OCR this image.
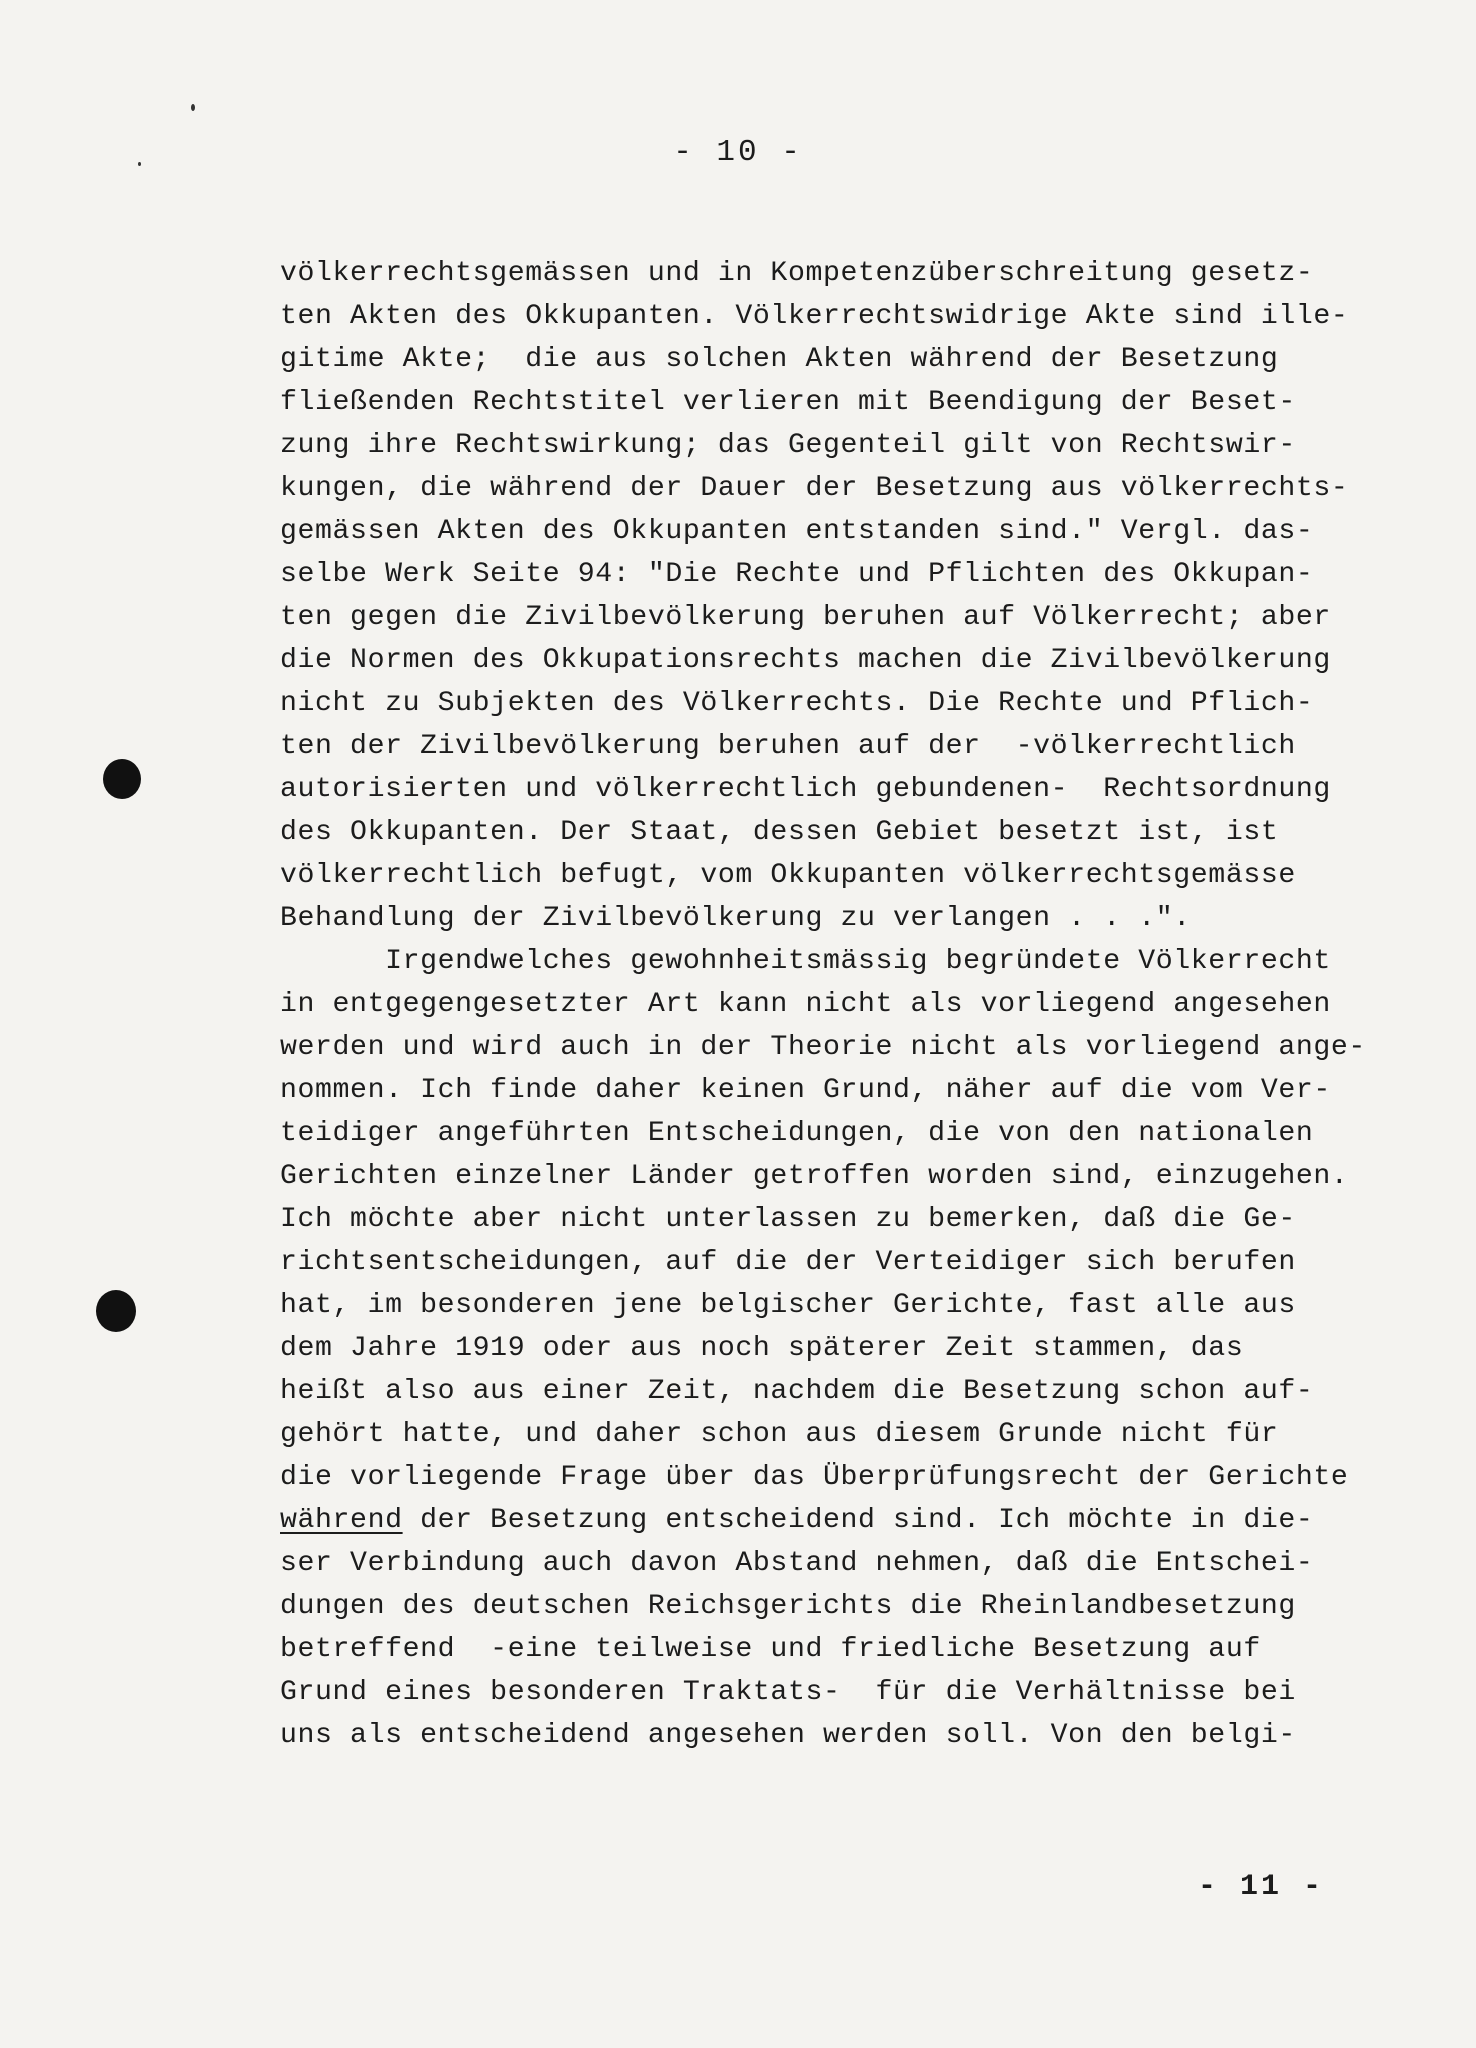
- 10 -
völkerrechtsgemässen und in Kompetenzüberschreitung gesetz-
ten Akten des Okkupanten. Völkerrechtswidrige Akte sind ille-
gitime Akte;  die aus solchen Akten während der Besetzung
fließenden Rechtstitel verlieren mit Beendigung der Beset-
zung ihre Rechtswirkung; das Gegenteil gilt von Rechtswir-
kungen, die während der Dauer der Besetzung aus völkerrechts-
gemässen Akten des Okkupanten entstanden sind." Vergl. das-
selbe Werk Seite 94: "Die Rechte und Pflichten des Okkupan-
ten gegen die Zivilbevölkerung beruhen auf Völkerrecht; aber
die Normen des Okkupationsrechts machen die Zivilbevölkerung
nicht zu Subjekten des Völkerrechts. Die Rechte und Pflich-
ten der Zivilbevölkerung beruhen auf der  -völkerrechtlich
autorisierten und völkerrechtlich gebundenen-  Rechtsordnung
des Okkupanten. Der Staat, dessen Gebiet besetzt ist, ist
völkerrechtlich befugt, vom Okkupanten völkerrechtsgemässe
Behandlung der Zivilbevölkerung zu verlangen . . .".
Irgendwelches gewohnheitsmässig begründete Völkerrecht
in entgegengesetzter Art kann nicht als vorliegend angesehen
werden und wird auch in der Theorie nicht als vorliegend ange-
nommen. Ich finde daher keinen Grund, näher auf die vom Ver-
teidiger angeführten Entscheidungen, die von den nationalen
Gerichten einzelner Länder getroffen worden sind, einzugehen.
Ich möchte aber nicht unterlassen zu bemerken, daß die Ge-
richtsentscheidungen, auf die der Verteidiger sich berufen
hat, im besonderen jene belgischer Gerichte, fast alle aus
dem Jahre 1919 oder aus noch späterer Zeit stammen, das
heißt also aus einer Zeit, nachdem die Besetzung schon auf-
gehört hatte, und daher schon aus diesem Grunde nicht für
die vorliegende Frage über das Überprüfungsrecht der Gerichte
während der Besetzung entscheidend sind. Ich möchte in die-
ser Verbindung auch davon Abstand nehmen, daß die Entschei-
dungen des deutschen Reichsgerichts die Rheinlandbesetzung
betreffend  -eine teilweise und friedliche Besetzung auf
Grund eines besonderen Traktats-  für die Verhältnisse bei
uns als entscheidend angesehen werden soll. Von den belgi-
- 11 -
